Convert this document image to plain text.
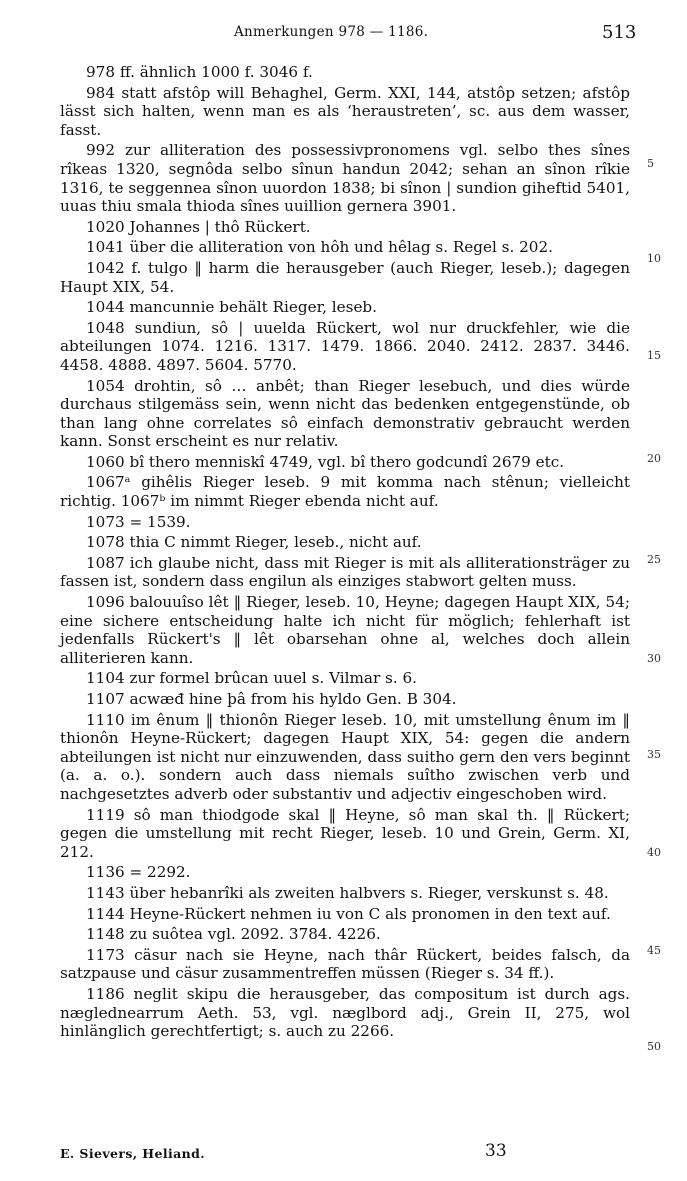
Anmerkungen 978 — 1186.	513

978 ff. ähnlich 1000 f. 3046 f.

984 statt afstôp will Behaghel, Germ. XXI, 144, atstôp setzen; afstôp lässt sich halten, wenn man es als ‘heraustreten’, sc. aus dem wasser, fasst.

992 zur alliteration des possessivpronomens vgl. selbo thes sînes rîkeas 1320, segnôda selbo sînun handun 2042; sehan an sînon rîkie 1316, te seggennea sînon uuordon 1838; bi sînon | sundion giheftid 5401, uuas thiu smala thioda sînes uuillion gernera 3901.

1020 Johannes | thô Rückert.

1041 über die alliteration von hôh und hêlag s. Regel s. 202.

1042 f. tulgo ‖ harm die herausgeber (auch Rieger, leseb.); dagegen Haupt XIX, 54.

1044 mancunnie behält Rieger, leseb.

1048 sundiun, sô | uuelda Rückert, wol nur druckfehler, wie die abteilungen 1074. 1216. 1317. 1479. 1866. 2040. 2412. 2837. 3446. 4458. 4888. 4897. 5604. 5770.

1054 drohtin, sô … anbêt; than Rieger lesebuch, und dies würde durchaus stilgemäss sein, wenn nicht das bedenken entgegenstünde, ob than lang ohne correlates sô einfach demonstrativ gebraucht werden kann. Sonst erscheint es nur relativ.

1060 bî thero menniskî 4749, vgl. bî thero godcundî 2679 etc.

1067ᵃ gihêlis Rieger leseb. 9 mit komma nach stênun; vielleicht richtig. 1067ᵇ im nimmt Rieger ebenda nicht auf.

1073 = 1539.

1078 thia C nimmt Rieger, leseb., nicht auf.

1087 ich glaube nicht, dass mit Rieger is mit als alliterationsträger zu fassen ist, sondern dass engilun als einziges stabwort gelten muss.

1096 balouuîso lêt ‖ Rieger, leseb. 10, Heyne; dagegen Haupt XIX, 54; eine sichere entscheidung halte ich nicht für möglich; fehlerhaft ist jedenfalls Rückert's ‖ lêt obarsehan ohne al, welches doch allein alliterieren kann.

1104 zur formel brûcan uuel s. Vilmar s. 6.

1107 acwæđ hine þâ from his hyldo Gen. B 304.

1110 im ênum ‖ thionôn Rieger leseb. 10, mit umstellung ênum im ‖ thionôn Heyne-Rückert; dagegen Haupt XIX, 54: gegen die andern abteilungen ist nicht nur einzuwenden, dass suitho gern den vers beginnt (a. a. o.). sondern auch dass niemals suîtho zwischen verb und nachgesetztes adverb oder substantiv und adjectiv eingeschoben wird.

1119 sô man thiodgode skal ‖ Heyne, sô man skal th. ‖ Rückert; gegen die umstellung mit recht Rieger, leseb. 10 und Grein, Germ. XI, 212.

1136 = 2292.

1143 über hebanrîki als zweiten halbvers s. Rieger, verskunst s. 48.

1144 Heyne-Rückert nehmen iu von C als pronomen in den text auf.

1148 zu suôtea vgl. 2092. 3784. 4226.

1173 cäsur nach sie Heyne, nach thâr Rückert, beides falsch, da satzpause und cäsur zusammentreffen müssen (Rieger s. 34 ff.).

1186 neglit skipu die herausgeber, das compositum ist durch ags. næglednearrum Aeth. 53, vgl. næglbord adj., Grein II, 275, wol hinlänglich gerechtfertigt; s. auch zu 2266.

5
10
15
20
25
30
35
40
45
50
E. Sievers, Heliand.	33
